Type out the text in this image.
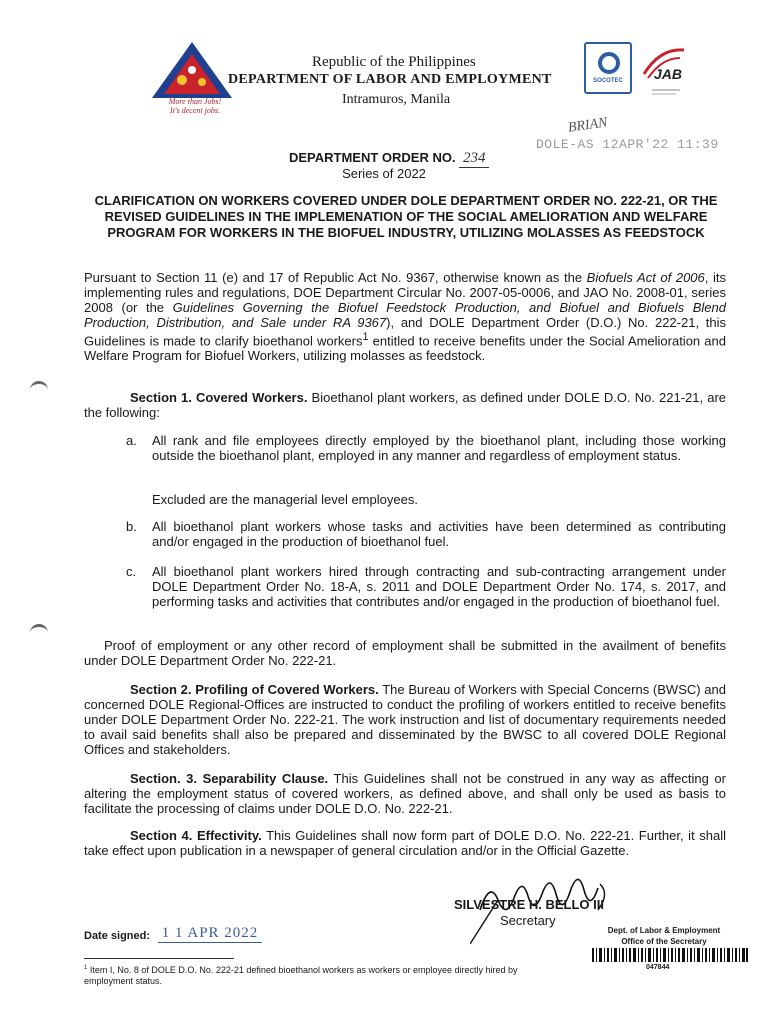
More than Jobs!
It's decent jobs.
Republic of the Philippines
DEPARTMENT OF LABOR AND EMPLOYMENT
Intramuros, Manila
SOCOTEC	JAB
BRIAN
DOLE-AS 12APR'22 11:39
DEPARTMENT ORDER NO. 234
Series of 2022
CLARIFICATION ON WORKERS COVERED UNDER DOLE DEPARTMENT ORDER NO. 222-21, OR THE REVISED GUIDELINES IN THE IMPLEMENATION OF THE SOCIAL AMELIORATION AND WELFARE PROGRAM FOR WORKERS IN THE BIOFUEL INDUSTRY, UTILIZING MOLASSES AS FEEDSTOCK
Pursuant to Section 11 (e) and 17 of Republic Act No. 9367, otherwise known as the Biofuels Act of 2006, its implementing rules and regulations, DOE Department Circular No. 2007-05-0006, and JAO No. 2008-01, series 2008 (or the Guidelines Governing the Biofuel Feedstock Production, and Biofuel and Biofuels Blend Production, Distribution, and Sale under RA 9367), and DOLE Department Order (D.O.) No. 222-21, this Guidelines is made to clarify bioethanol workers$^1$ entitled to receive benefits under the Social Amelioration and Welfare Program for Biofuel Workers, utilizing molasses as feedstock.
Section 1. Covered Workers. Bioethanol plant workers, as defined under DOLE D.O. No. 221-21, are the following:
a. All rank and file employees directly employed by the bioethanol plant, including those working outside the bioethanol plant, employed in any manner and regardless of employment status.
Excluded are the managerial level employees.
b. All bioethanol plant workers whose tasks and activities have been determined as contributing and/or engaged in the production of bioethanol fuel.
c. All bioethanol plant workers hired through contracting and sub-contracting arrangement under DOLE Department Order No. 18-A, s. 2011 and DOLE Department Order No. 174, s. 2017, and performing tasks and activities that contributes and/or engaged in the production of bioethanol fuel.
Proof of employment or any other record of employment shall be submitted in the availment of benefits under DOLE Department Order No. 222-21.
Section 2. Profiling of Covered Workers. The Bureau of Workers with Special Concerns (BWSC) and concerned DOLE Regional-Offices are instructed to conduct the profiling of workers entitled to receive benefits under DOLE Department Order No. 222-21. The work instruction and list of documentary requirements needed to avail said benefits shall also be prepared and disseminated by the BWSC to all covered DOLE Regional Offices and stakeholders.
Section. 3. Separability Clause. This Guidelines shall not be construed in any way as affecting or altering the employment status of covered workers, as defined above, and shall only be used as basis to facilitate the processing of claims under DOLE D.O. No. 222-21.
Section 4. Effectivity. This Guidelines shall now form part of DOLE D.O. No. 222-21. Further, it shall take effect upon publication in a newspaper of general circulation and/or in the Official Gazette.
SILVESTRE H. BELLO III
Secretary
Date signed: 1 1 APR 2022	Dept. of Labor & Employment
Office of the Secretary
047844
$^1$ Item I, No. 8 of DOLE D.O. No. 222-21 defined bioethanol workers as workers or employee directly hired by employment status.
